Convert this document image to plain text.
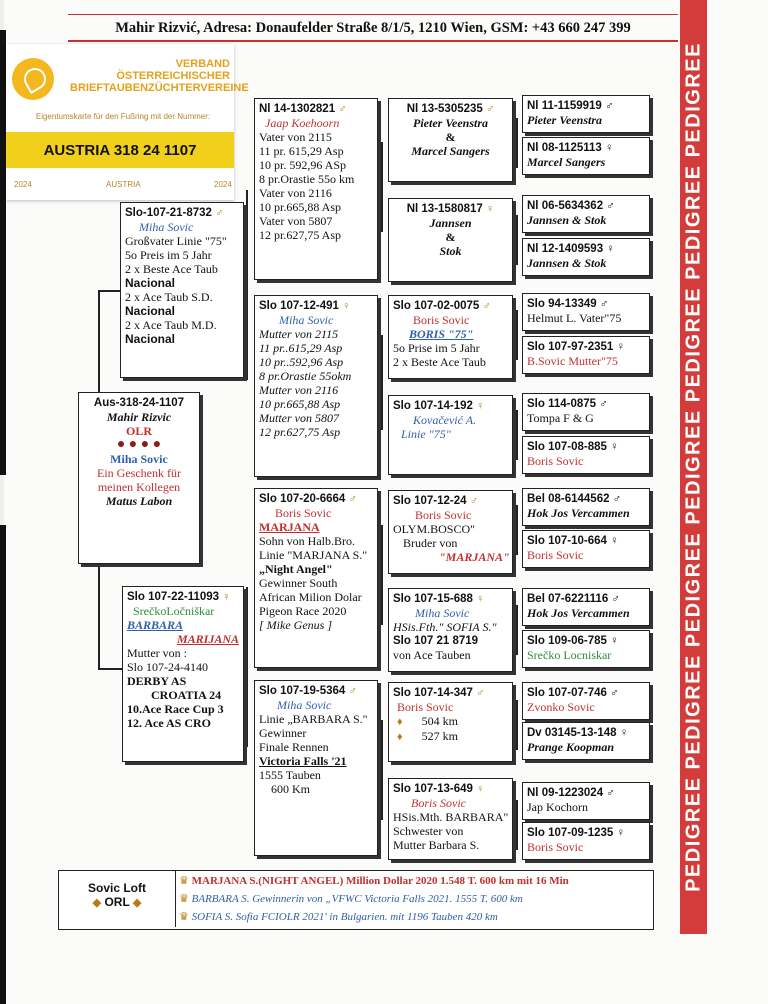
Mahir Rizvić, Adresa: Donaufelder Straße 8/1/5, 1210 Wien, GSM: +43 660 247 399
PEDIGREE PEDIGREE PEDIGREE PEDIGREE PEDIGREE PEDIGREE PEDIGREE
VERBAND
ÖSTERREICHISCHER
BRIEFTAUBENZÜCHTERVEREINE
Eigentumskarte für den Fußring mit der Nummer:
AUSTRIA 318 24 1107
2024	AUSTRIA	2024
Aus-318-24-1107
Mahir Rizvic
OLR
● ● ● ●
Miha Sovic
Ein Geschenk für
meinen Kollegen
Matus Labon
Slo-107-21-8732 ♂
Miha Sovic
Großvater Linie "75"
5o Preis im 5 Jahr
2 x Beste Ace Taub
Nacional
2 x Ace Taub S.D.
Nacional
2 x Ace Taub M.D.
Nacional
Slo 107-22-11093 ♀
SrečkoLočniškar
BARBARA
MARIJANA
Mutter von :
Slo 107-24-4140
DERBY AS
CROATIA 24
10.Ace Race Cup 3
12. Ace AS CRO
Nl 14-1302821 ♂
Jaap Koehoorn
Vater von 2115
11 pr. 615,29 Asp
10 pr. 592,96 ASp
8 pr.Orastie 55o km
Vater von 2116
10 pr.665,88 Asp
Vater von 5807
12 pr.627,75 Asp
Slo 107-12-491 ♀
Miha Sovic
Mutter von 2115
11 pr..615,29 Asp
10 pr..592,96 Asp
8 pr.Orastie 55okm
Mutter von 2116
10 pr.665,88 Asp
Mutter von 5807
12 pr.627,75 Asp
Slo 107-20-6664 ♂
Boris Sovic
MARJANA
Sohn von Halb.Bro.
Linie "MARJANA S."
„Night Angel"
Gewinner South
African Milion Dolar
Pigeon Race 2020
[ Mike Genus ]
Slo 107-19-5364 ♂
Miha Sovic
Linie „BARBARA S."
Gewinner
Finale Rennen
Victoria Falls '21
1555 Tauben
600 Km
Nl 13-5305235 ♂
Pieter Veenstra
&
Marcel Sangers
Nl 13-1580817 ♀
Jannsen
&
Stok
Slo 107-02-0075 ♂
Boris Sovic
BORIS "75"
5o Prise im 5 Jahr
2 x Beste Ace Taub
Slo 107-14-192 ♀
Kovačević A.
Linie "75"
Slo 107-12-24 ♂
Boris Sovic
OLYM.BOSCO"
Bruder von
"MARJANA"
Slo 107-15-688 ♀
Miha Sovic
HSis.Fth." SOFIA S."
Slo 107 21 8719
von Ace Tauben
Slo 107-14-347 ♂
Boris Sovic
♦ 504 km
♦ 527 km
Slo 107-13-649 ♀
Boris Sovic
HSis.Mth. BARBARA"
Schwester von
Mutter Barbara S.
Nl 11-1159919 ♂
Pieter Veenstra
Nl 08-1125113 ♀
Marcel Sangers
Nl 06-5634362 ♂
Jannsen & Stok
Nl 12-1409593 ♀
Jannsen & Stok
Slo 94-13349 ♂
Helmut L. Vater"75
Slo 107-97-2351 ♀
B.Sovic Mutter"75
Slo 114-0875 ♂
Tompa F & G
Slo 107-08-885 ♀
Boris Sovic
Bel 08-6144562 ♂
Hok Jos Vercammen
Slo 107-10-664 ♀
Boris Sovic
Bel 07-6221116 ♂
Hok Jos Vercammen
Slo 109-06-785 ♀
Srečko Locniskar
Slo 107-07-746 ♂
Zvonko Sovic
Dv 03145-13-148 ♀
Prange Koopman
Nl 09-1223024 ♂
Jap Kochorn
Slo 107-09-1235 ♀
Boris Sovic
Sovic Loft
◆ ORL ◆
♛ MARJANA S.(NIGHT ANGEL) Million Dollar 2020 1.548 T. 600 km mit 16 Min
♛ BARBARA S. Gewinnerin von „VFWC Victoria Falls 2021. 1555 T. 600 km
♛ SOFIA S. Sofia FCIOLR 2021' in Bulgarien. mit 1196 Tauben 420 km
